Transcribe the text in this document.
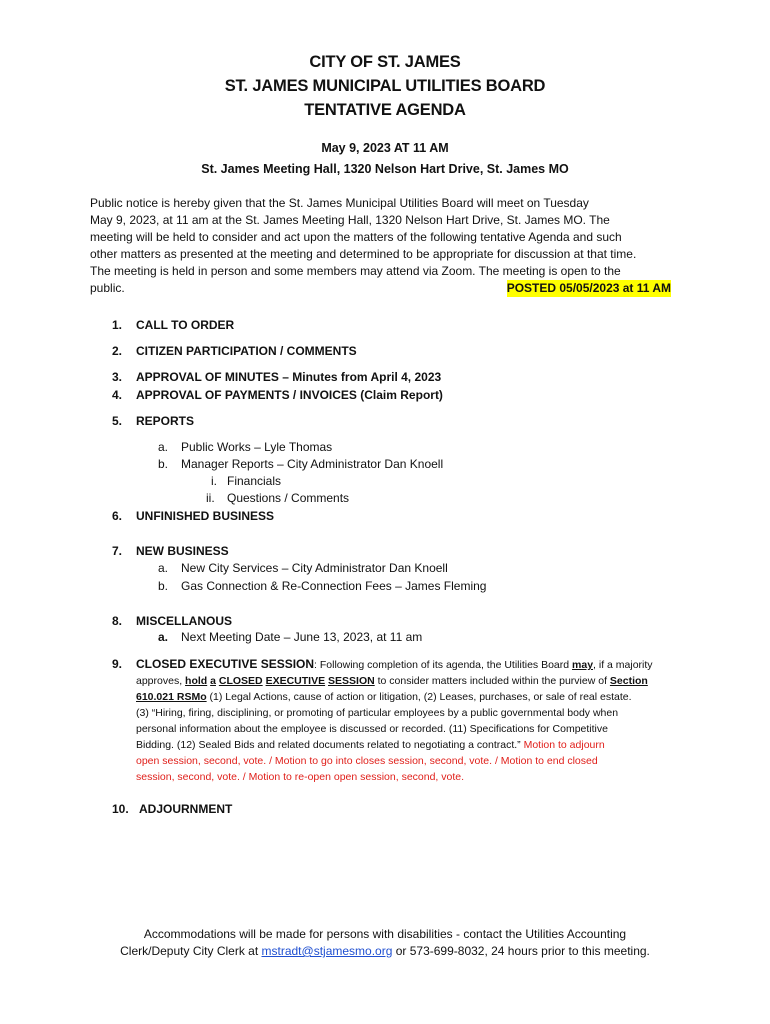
CITY OF ST. JAMES
ST. JAMES MUNICIPAL UTILITIES BOARD
TENTATIVE AGENDA
May 9, 2023 AT 11 AM
St. James Meeting Hall, 1320 Nelson Hart Drive, St. James MO
Public notice is hereby given that the St. James Municipal Utilities Board will meet on Tuesday
May 9, 2023, at 11 am at the St. James Meeting Hall, 1320 Nelson Hart Drive, St. James MO. The
meeting will be held to consider and act upon the matters of the following tentative Agenda and such
other matters as presented at the meeting and determined to be appropriate for discussion at that time.
The meeting is held in person and some members may attend via Zoom. The meeting is open to the
public.	POSTED 05/05/2023 at 11 AM
1. CALL TO ORDER
2. CITIZEN PARTICIPATION / COMMENTS
3. APPROVAL OF MINUTES – Minutes from April 4, 2023
4. APPROVAL OF PAYMENTS / INVOICES (Claim Report)
5. REPORTS
a. Public Works – Lyle Thomas
b. Manager Reports – City Administrator Dan Knoell
i. Financials
ii. Questions / Comments
6. UNFINISHED BUSINESS
7. NEW BUSINESS
a. New City Services – City Administrator Dan Knoell
b. Gas Connection & Re-Connection Fees – James Fleming
8. MISCELLANOUS
a. Next Meeting Date – June 13, 2023, at 11 am
9. CLOSED EXECUTIVE SESSION: Following completion of its agenda, the Utilities Board may, if a majority
approves, hold a CLOSED EXECUTIVE SESSION to consider matters included within the purview of Section
610.021 RSMo (1) Legal Actions, cause of action or litigation, (2) Leases, purchases, or sale of real estate.
(3) “Hiring, firing, disciplining, or promoting of particular employees by a public governmental body when
personal information about the employee is discussed or recorded. (11) Specifications for Competitive
Bidding. (12) Sealed Bids and related documents related to negotiating a contract.” Motion to adjourn
open session, second, vote. / Motion to go into closes session, second, vote. / Motion to end closed
session, second, vote. / Motion to re-open open session, second, vote.
10. ADJOURNMENT
Accommodations will be made for persons with disabilities - contact the Utilities Accounting
Clerk/Deputy City Clerk at mstradt@stjamesmo.org or 573-699-8032, 24 hours prior to this meeting.
